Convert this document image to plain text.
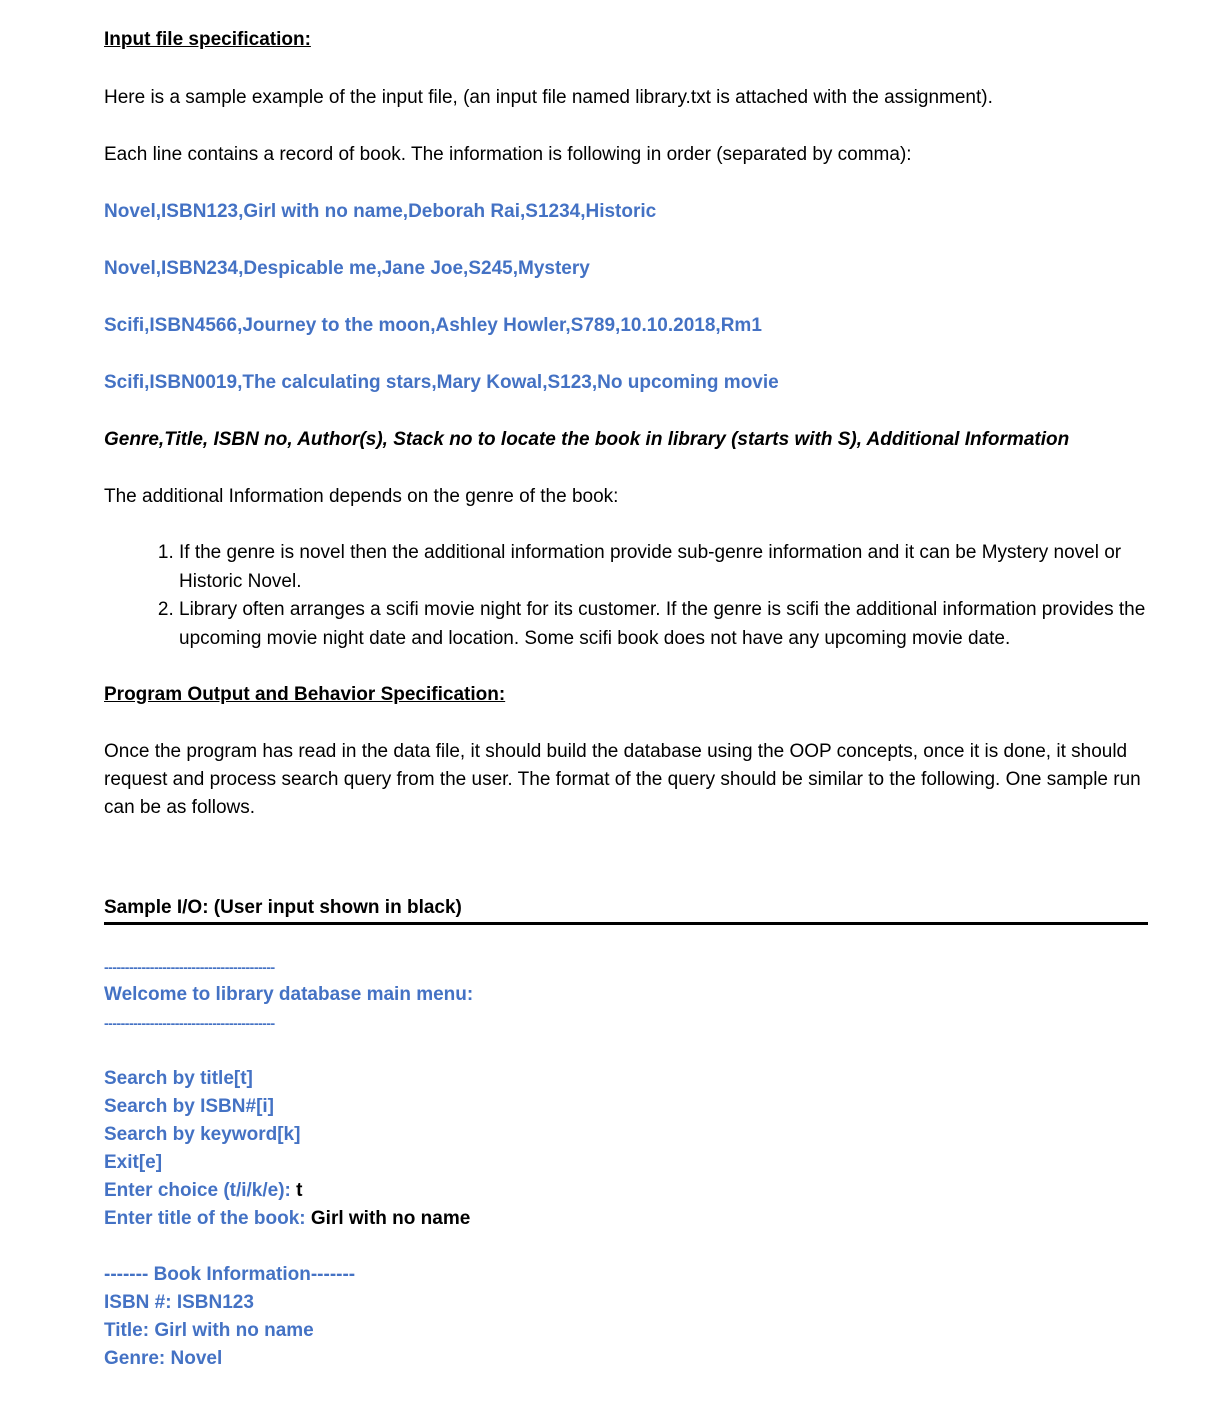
Input file specification:
Here is a sample example of the input file, (an input file named library.txt is attached with the assignment).
Each line contains a record of book. The information is following in order (separated by comma):
Novel,ISBN123,Girl with no name,Deborah Rai,S1234,Historic
Novel,ISBN234,Despicable me,Jane Joe,S245,Mystery
Scifi,ISBN4566,Journey to the moon,Ashley Howler,S789,10.10.2018,Rm1
Scifi,ISBN0019,The calculating stars,Mary Kowal,S123,No upcoming movie
Genre,Title, ISBN no, Author(s), Stack no to locate the book in library (starts with S), Additional Information
The additional Information depends on the genre of the book:
1. If the genre is novel then the additional information provide sub-genre information and it can be Mystery novel or Historic Novel.
2. Library often arranges a scifi movie night for its customer. If the genre is scifi the additional information provides the upcoming movie night date and location. Some scifi book does not have any upcoming movie date.
Program Output and Behavior Specification:
Once the program has read in the data file, it should build the database using the OOP concepts, once it is done, it should request and process search query from the user. The format of the query should be similar to the following. One sample run can be as follows.
Sample I/O: (User input shown in black)
-----------------------------------------
Welcome to library database main menu:
-----------------------------------------
Search by title[t]
Search by ISBN#[i]
Search by keyword[k]
Exit[e]
Enter choice (t/i/k/e): t
Enter title of the book: Girl with no name
------- Book Information-------
ISBN #: ISBN123
Title: Girl with no name
Genre: Novel
